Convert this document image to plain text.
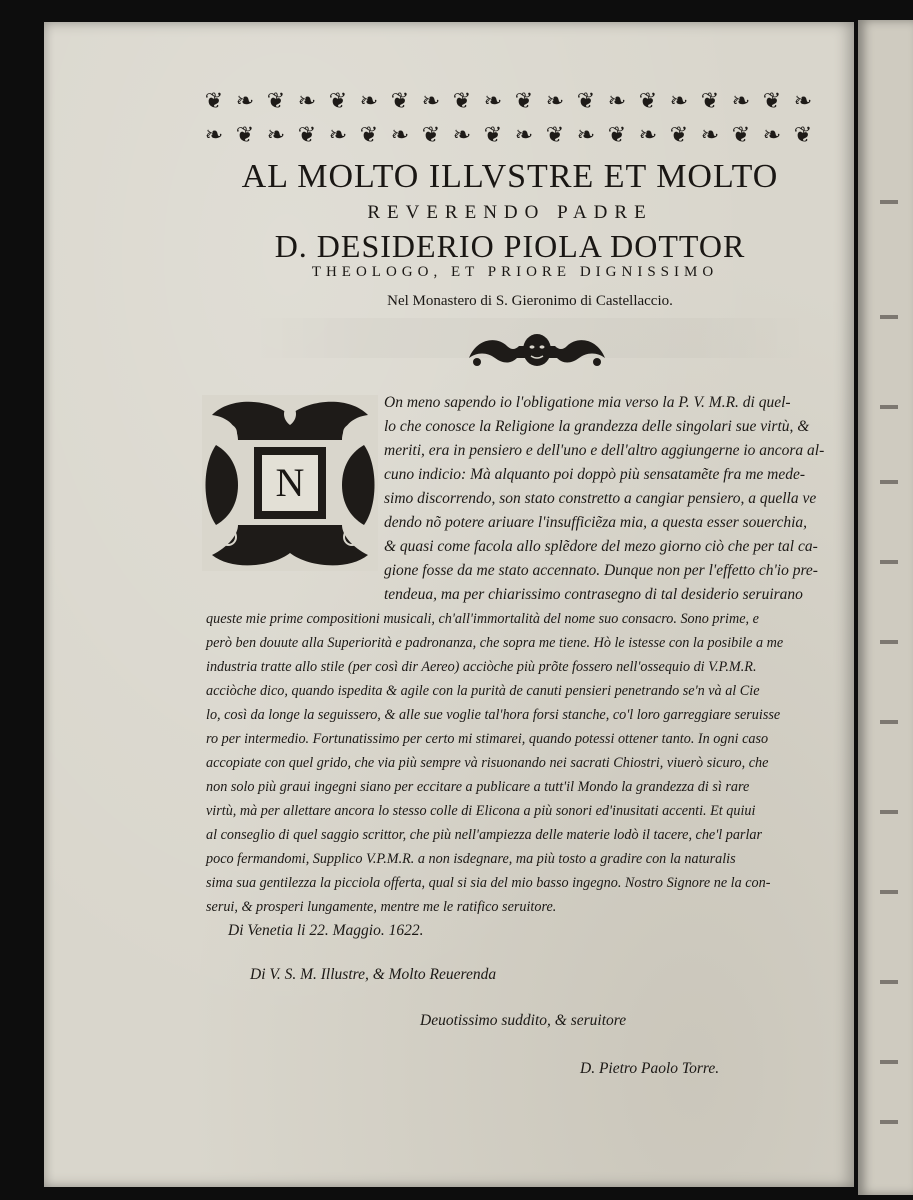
❦ ❧ ❦ ❧ ❦ ❧ ❦ ❧ ❦ ❧ ❦ ❧ ❦ ❧ ❦ ❧ ❦ ❧ ❦ ❧
❧ ❦ ❧ ❦ ❧ ❦ ❧ ❦ ❧ ❦ ❧ ❦ ❧ ❦ ❧ ❦ ❧ ❦ ❧ ❦
AL MOLTO ILLVSTRE ET MOLTO
REVERENDO PADRE
D. DESIDERIO PIOLA DOTTOR
THEOLOGO, ET PRIORE DIGNISSIMO
Nel Monastero di S. Gieronimo di Castellaccio.
N
On meno sapendo io l'obligatione mia verso la P. V. M.R. di quel-
lo che conosce la Religione la grandezza delle singolari sue virtù, &
meriti, era in pensiero e dell'uno e dell'altro aggiungerne io ancora al-
cuno indicio: Mà alquanto poi doppò più sensatamẽte fra me mede-
simo discorrendo, son stato constretto a cangiar pensiero, a quella ve
dendo nõ potere ariuare l'insufficiẽza mia, a questa esser souerchia,
& quasi come facola allo splẽdore del mezo giorno ciò che per tal ca-
gione fosse da me stato accennato. Dunque non per l'effetto ch'io pre-
tendeua, ma per chiarissimo contrasegno di tal desiderio seruirano
queste mie prime compositioni musicali, ch'all'immortalità del nome suo consacro. Sono prime, e
però ben douute alla Superiorità e padronanza, che sopra me tiene. Hò le istesse con la posibile a me
industria tratte allo stile (per così dir Aereo) acciòche più prõte fossero nell'ossequio di V.P.M.R.
acciòche dico, quando ispedita & agile con la purità de canuti pensieri penetrando se'n và al Cie
lo, così da longe la seguissero, & alle sue voglie tal'hora forsi stanche, co'l loro garreggiare seruisse
ro per intermedio. Fortunatissimo per certo mi stimarei, quando potessi ottener tanto. In ogni caso
accopiate con quel grido, che via più sempre và risuonando nei sacrati Chiostri, viuerò sicuro, che
non solo più graui ingegni siano per eccitare a publicare a tutt'il Mondo la grandezza di sì rare
virtù, mà per allettare ancora lo stesso colle di Elicona a più sonori ed'inusitati accenti. Et quiui
al conseglio di quel saggio scrittor, che più nell'ampiezza delle materie lodò il tacere, che'l parlar
poco fermandomi, Supplico V.P.M.R. a non isdegnare, ma più tosto a gradire con la naturalis
sima sua gentilezza la picciola offerta, qual si sia del mio basso ingegno. Nostro Signore ne la con-
serui, & prosperi lungamente, mentre me le ratifico seruitore.
Di Venetia li 22. Maggio. 1622.
Di V. S. M. Illustre, & Molto Reuerenda
Deuotissimo suddito, & seruitore
D. Pietro Paolo Torre.
